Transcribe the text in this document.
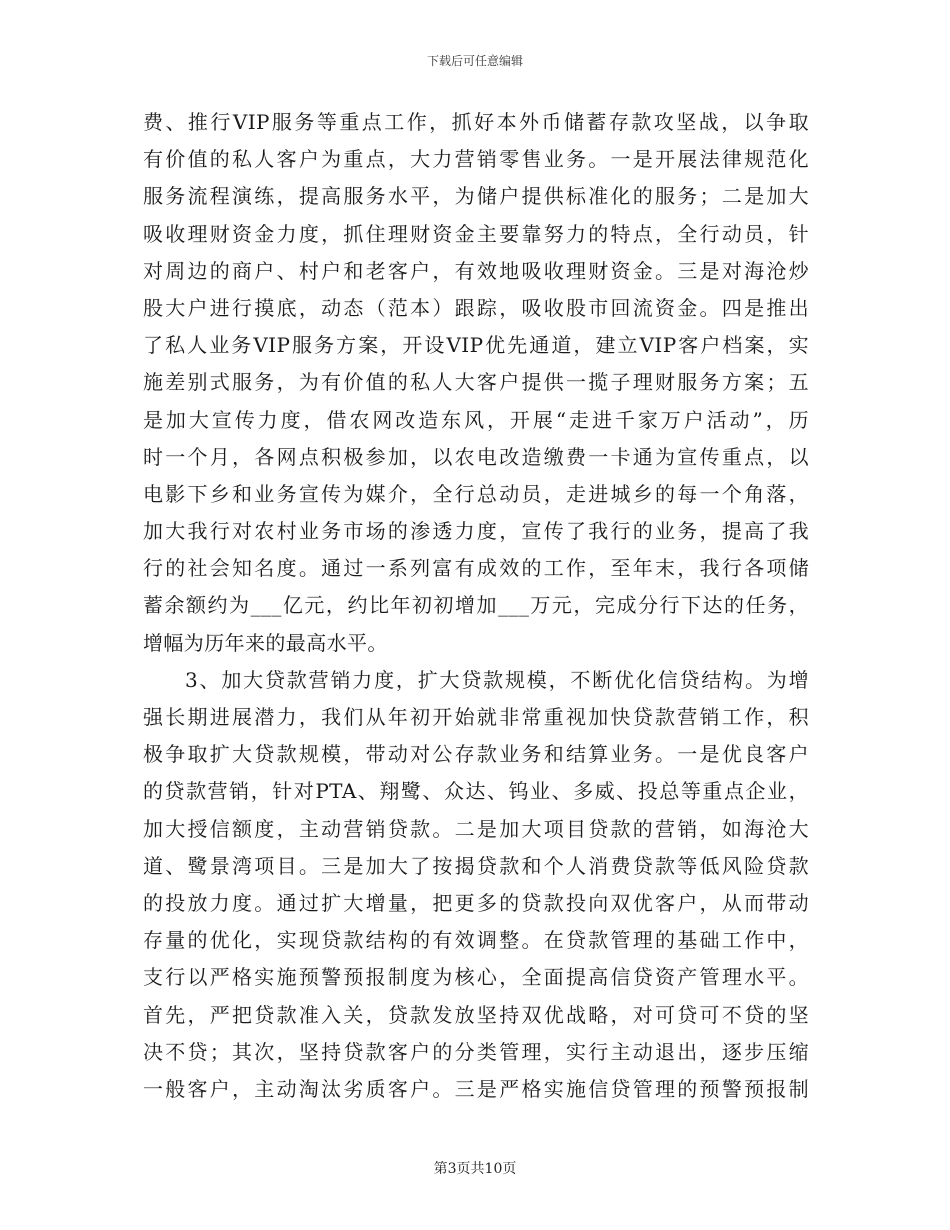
下载后可任意编辑

费、推行VIP服务等重点工作，抓好本外币储蓄存款攻坚战，以争取
有价值的私人客户为重点，大力营销零售业务。一是开展法律规范化
服务流程演练，提高服务水平，为储户提供标准化的服务；二是加大
吸收理财资金力度，抓住理财资金主要靠努力的特点，全行动员，针
对周边的商户、村户和老客户，有效地吸收理财资金。三是对海沧炒
股大户进行摸底，动态（范本）跟踪，吸收股市回流资金。四是推出
了私人业务VIP服务方案，开设VIP优先通道，建立VIP客户档案，实
施差别式服务，为有价值的私人大客户提供一揽子理财服务方案；五
是加大宣传力度，借农网改造东风，开展“走进千家万户活动”，历
时一个月，各网点积极参加，以农电改造缴费一卡通为宣传重点，以
电影下乡和业务宣传为媒介，全行总动员，走进城乡的每一个角落，
加大我行对农村业务市场的渗透力度，宣传了我行的业务，提高了我
行的社会知名度。通过一系列富有成效的工作，至年末，我行各项储
蓄余额约为___亿元，约比年初初增加___万元，完成分行下达的任务，
增幅为历年来的最高水平。

3、加大贷款营销力度，扩大贷款规模，不断优化信贷结构。为增
强长期进展潜力，我们从年初开始就非常重视加快贷款营销工作，积
极争取扩大贷款规模，带动对公存款业务和结算业务。一是优良客户
的贷款营销，针对PTA、翔鹭、众达、钨业、多威、投总等重点企业，
加大授信额度，主动营销贷款。二是加大项目贷款的营销，如海沧大
道、鹭景湾项目。三是加大了按揭贷款和个人消费贷款等低风险贷款
的投放力度。通过扩大增量，把更多的贷款投向双优客户，从而带动
存量的优化，实现贷款结构的有效调整。在贷款管理的基础工作中，
支行以严格实施预警预报制度为核心，全面提高信贷资产管理水平。
首先，严把贷款准入关，贷款发放坚持双优战略，对可贷可不贷的坚
决不贷；其次，坚持贷款客户的分类管理，实行主动退出，逐步压缩
一般客户，主动淘汰劣质客户。三是严格实施信贷管理的预警预报制

第3页共10页
